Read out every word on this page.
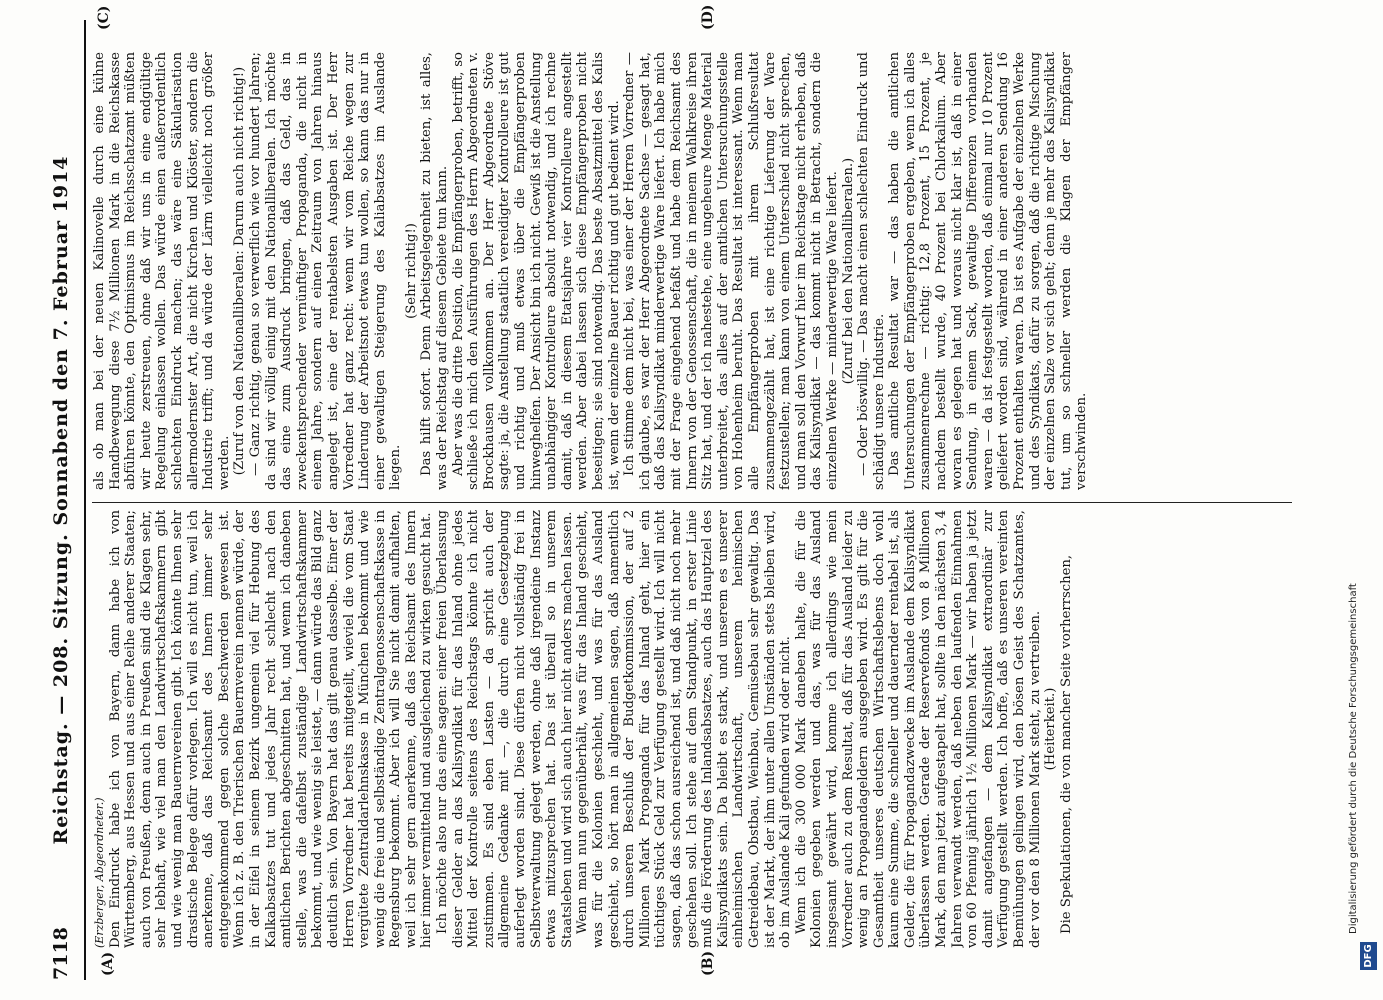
7118
Reichstag. — 208. Sitzung. Sonnabend den 7. Februar 1914
(A)	(B)
(C)	(D)

(Erzberger, Abgeordneter.) Den Eindruck habe ich von Bayern, dann habe ich von Württemberg, aus Hessen und aus einer Reihe anderer Staaten; auch von Preußen, denn auch in Preußen sind die Klagen sehr, sehr lebhaft, wie viel man den Landwirtschaftskammern gibt und wie wenig man Bauernvereinen gibt. Ich könnte Ihnen sehr drastische Belege dafür vorlegen. Ich will es nicht tun, weil ich anerkenne, daß das Reichsamt des Innern immer sehr entgegenkommend gegen solche Beschwerden gewesen ist. Wenn ich z. B. den Trierischen Bauernverein nennen würde, der in der Eifel in seinem Bezirk ungemein viel für Hebung des Kalkabsatzes tut und jedes Jahr recht schlecht nach den amtlichen Berichten abgeschnitten hat, und wenn ich daneben stelle, was die dafelbst zuständige Landwirtschaftskammer bekommt, und wie wenig sie leistet, — dann würde das Bild ganz deutlich sein. Von Bayern hat das gilt genau dasselbe. Einer der Herren Vorredner hat bereits mitgeteilt, wieviel die vom Staat vergütete Zentraldarlehnskasse in München bekommt und wie wenig die freie und selbständige Zentralgenossenschaftskasse in Regensburg bekommt. Aber ich will Sie nicht damit aufhalten, weil ich sehr gern anerkenne, daß das Reichsamt des Innern hier immer vermittelnd und ausgleichend zu wirken gesucht hat. Ich möchte also nur das eine sagen: einer freien Überlassung dieser Gelder an das Kalisyndikat für das Inland ohne jedes Mittel der Kontrolle seitens des Reichstags könnte ich nicht zustimmen. Es sind eben Lasten — da spricht auch der allgemeine Gedanke mit —, die durch eine Gesetzgebung auferlegt worden sind. Diese dürfen nicht vollständig frei in Selbstverwaltung gelegt werden, ohne daß irgendeine Instanz etwas mitzusprechen hat. Das ist überall so in unserem Staatsleben und wird sich auch hier nicht anders machen lassen. Wenn man nun gegenüberhält, was für das Inland geschieht, was für die Kolonien geschieht, und was für das Ausland geschieht, so hört man in allgemeinen sagen, daß namentlich durch unseren Beschluß der Budgetkommission, der auf 2 Millionen Mark Propaganda für das Inland geht, hier ein tüchtiges Stück Geld zur Verfügung gestellt wird. Ich will nicht sagen, daß das schon ausreichend ist, und daß nicht noch mehr geschehen soll. Ich stehe auf dem Standpunkt, in erster Linie muß die Förderung des Inlandsabsatzes, auch das Hauptziel des Kalisyndikats sein. Da bleibt es stark, und unserem es unserer einheimischen Landwirtschaft, unserem heimischen Getreidebau, Obstbau, Weinbau, Gemüsebau sehr gewaltig. Das ist der Markt, der ihm unter allen Umständen stets bleiben wird, ob im Auslande Kali gefunden wird oder nicht. Wenn ich die 300 000 Mark daneben halte, die für die Kolonien gegeben werden und das, was für das Ausland insgesamt gewährt wird, komme ich allerdings wie mein Vorredner auch zu dem Resultat, daß für das Ausland leider zu wenig an Propagandageldern ausgegeben wird. Es gilt für die Gesamtheit unseres deutschen Wirtschaftslebens doch wohl kaum eine Summe, die schneller und dauernder rentabel ist, als Gelder, die für Propagandazwecke im Auslande dem Kalisyndikat überlassen werden. Gerade der Reservefonds von 8 Millionen Mark, den man jetzt aufgestapelt hat, sollte in den nächsten 3, 4 Jahren verwandt werden, daß neben den laufenden Einnahmen von 60 Pfennig jährlich 1½ Millionen Mark — wir haben ja jetzt damit angefangen — dem Kalisyndikat extraordinär zur Verfügung gestellt werden. Ich hoffe, daß es unseren vereinten Bemühungen gelingen wird, den bösen Geist des Schatzamtes, der vor den 8 Millionen Mark steht, zu vertreiben. (Heiterkeit.) Die Spekulationen, die von mancher Seite vorherrschen,

als ob man bei der neuen Kalinovelle durch eine kühne Handbewegung diese 7½ Millionen Mark in die Reichskasse abführen könnte, den Optimismus im Reichsschatzamt müßten wir heute zerstreuen, ohne daß wir uns in eine endgültige Regelung einlassen wollen. Das würde einen außerordentlich schlechten Eindruck machen; das wäre eine Säkularisation allermodernster Art, die nicht Kirchen und Klöster, sondern die Industrie trifft; und da würde der Lärm vielleicht noch größer werden. (Zuruf von den Nationalliberalen: Darum auch nicht richtig!) — Ganz richtig, genau so verwerflich wie vor hundert Jahren; da sind wir völlig einig mit den Nationalliberalen. Ich möchte das eine zum Ausdruck bringen, daß das Geld, das in zweckentsprechender vernünftiger Propaganda, die nicht in einem Jahre, sondern auf einen Zeitraum von Jahren hinaus angelegt ist, eine der rentabelsten Ausgaben ist. Der Herr Vorredner hat ganz recht: wenn wir vom Reiche wegen zur Linderung der Arbeitsnot etwas tun wollen, so kann das nur in einer gewaltigen Steigerung des Kaliabsatzes im Auslande liegen.

(Sehr richtig!) Das hilft sofort. Denn Arbeitsgelegenheit zu bieten, ist alles, was der Reichstag auf diesem Gebiete tun kann. Aber was die dritte Position, die Empfängerproben, betrifft, so schließe ich mich den Ausführungen des Herrn Abgeordneten v. Brockhausen vollkommen an. Der Herr Abgeordnete Stöve sagte: ja, die Anstellung staatlich vereidigter Kontrolleure ist gut und richtig und muß etwas über die Empfängerproben hinweghelfen. Der Ansicht bin ich nicht. Gewiß ist die Anstellung unabhängiger Kontrolleure absolut notwendig, und ich rechne damit, daß in diesem Etatsjahre vier Kontrolleure angestellt werden. Aber dabei lassen sich diese Empfängerproben nicht beseitigen; sie sind notwendig. Das beste Absatzmittel des Kalis ist, wenn der einzelne Bauer richtig und gut bedient wird. Ich stimme dem nicht bei, was einer der Herren Vorredner — ich glaube, es war der Herr Abgeordnete Sachse — gesagt hat, daß das Kalisyndikat minderwertige Ware liefert. Ich habe mich mit der Frage eingehend befaßt und habe dem Reichsamt des Innern von der Genossenschaft, die in meinem Wahlkreise ihren Sitz hat, und der ich nahestehe, eine ungeheure Menge Material unterbreitet, das alles auf der amtlichen Untersuchungsstelle von Hohenheim beruht. Das Resultat ist interessant. Wenn man alle Empfängerproben mit ihrem Schlußresultat zusammengezählt hat, ist eine richtige Lieferung der Ware festzustellen; man kann von einem Unterschied nicht sprechen, und man soll den Vorwurf hier im Reichstage nicht erheben, daß das Kalisyndikat — das kommt nicht in Betracht, sondern die einzelnen Werke — minderwertige Ware liefert. (Zuruf bei den Nationalliberalen.) — Oder böswillig. — Das macht einen schlechten Eindruck und schädigt unsere Industrie. Das amtliche Resultat war — das haben die amtlichen Untersuchungen der Empfängerproben ergeben, wenn ich alles zusammenrechne — richtig: 12,8 Prozent, 15 Prozent, je nachdem bestellt wurde, 40 Prozent bei Chlorkalium. Aber woran es gelegen hat und woraus nicht klar ist, daß in einer Sendung, in einem Sack, gewaltige Differenzen vorhanden waren — da ist festgestellt worden, daß einmal nur 10 Prozent geliefert worden sind, während in einer anderen Sendung 16 Prozent enthalten waren. Da ist es Aufgabe der einzelnen Werke und des Syndikats, dafür zu sorgen, daß die richtige Mischung der einzelnen Salze vor sich geht; denn je mehr das Kalisyndikat tut, um so schneller werden die Klagen der Empfänger verschwinden.

DFG
Digitalisierung gefördert durch die Deutsche Forschungsgemeinschaft
